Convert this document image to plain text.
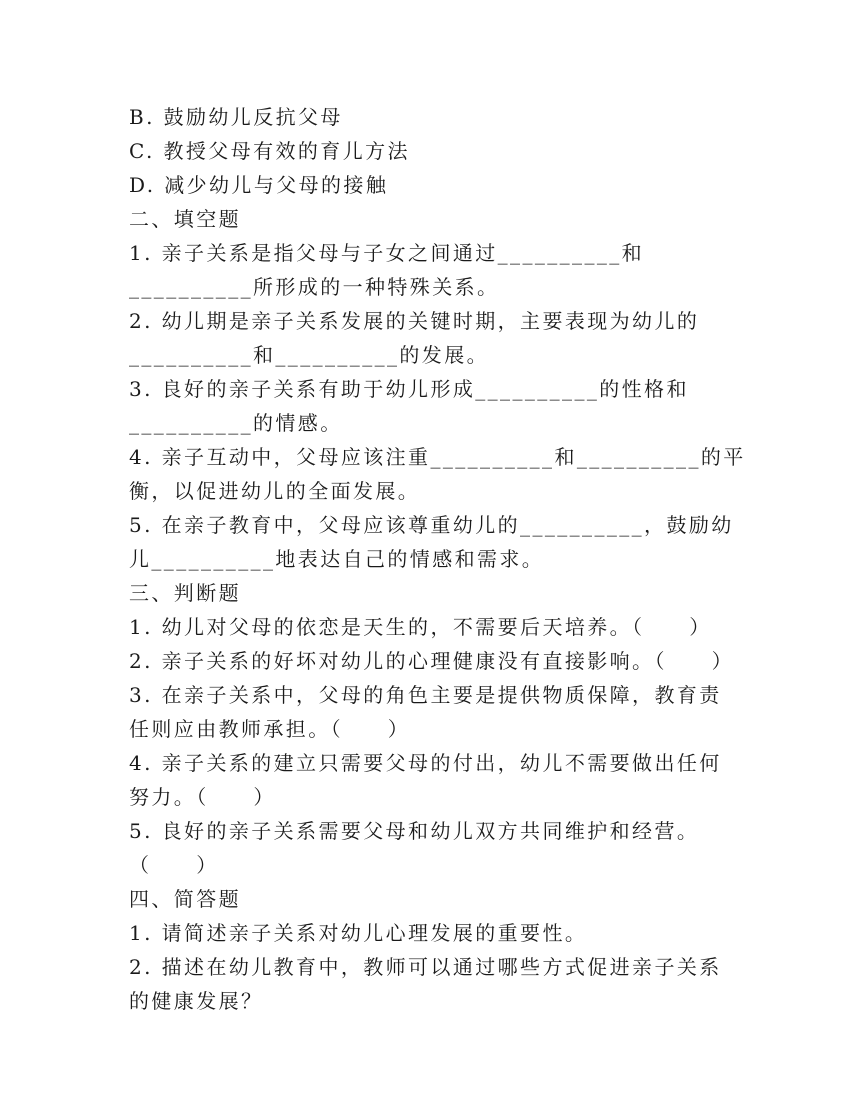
B. 鼓励幼儿反抗父母
C. 教授父母有效的育儿方法
D. 减少幼儿与父母的接触
二、填空题
1. 亲子关系是指父母与子女之间通过__________和
__________所形成的一种特殊关系。
2. 幼儿期是亲子关系发展的关键时期，主要表现为幼儿的
__________和__________的发展。
3. 良好的亲子关系有助于幼儿形成__________的性格和
__________的情感。
4. 亲子互动中，父母应该注重__________和__________的平
衡，以促进幼儿的全面发展。
5. 在亲子教育中，父母应该尊重幼儿的__________，鼓励幼
儿__________地表达自己的情感和需求。
三、判断题
1. 幼儿对父母的依恋是天生的，不需要后天培养。（　　）
2. 亲子关系的好坏对幼儿的心理健康没有直接影响。（　　）
3. 在亲子关系中，父母的角色主要是提供物质保障，教育责
任则应由教师承担。（　　）
4. 亲子关系的建立只需要父母的付出，幼儿不需要做出任何
努力。（　　）
5. 良好的亲子关系需要父母和幼儿双方共同维护和经营。
（　　）
四、简答题
1. 请简述亲子关系对幼儿心理发展的重要性。
2. 描述在幼儿教育中，教师可以通过哪些方式促进亲子关系
的健康发展？
